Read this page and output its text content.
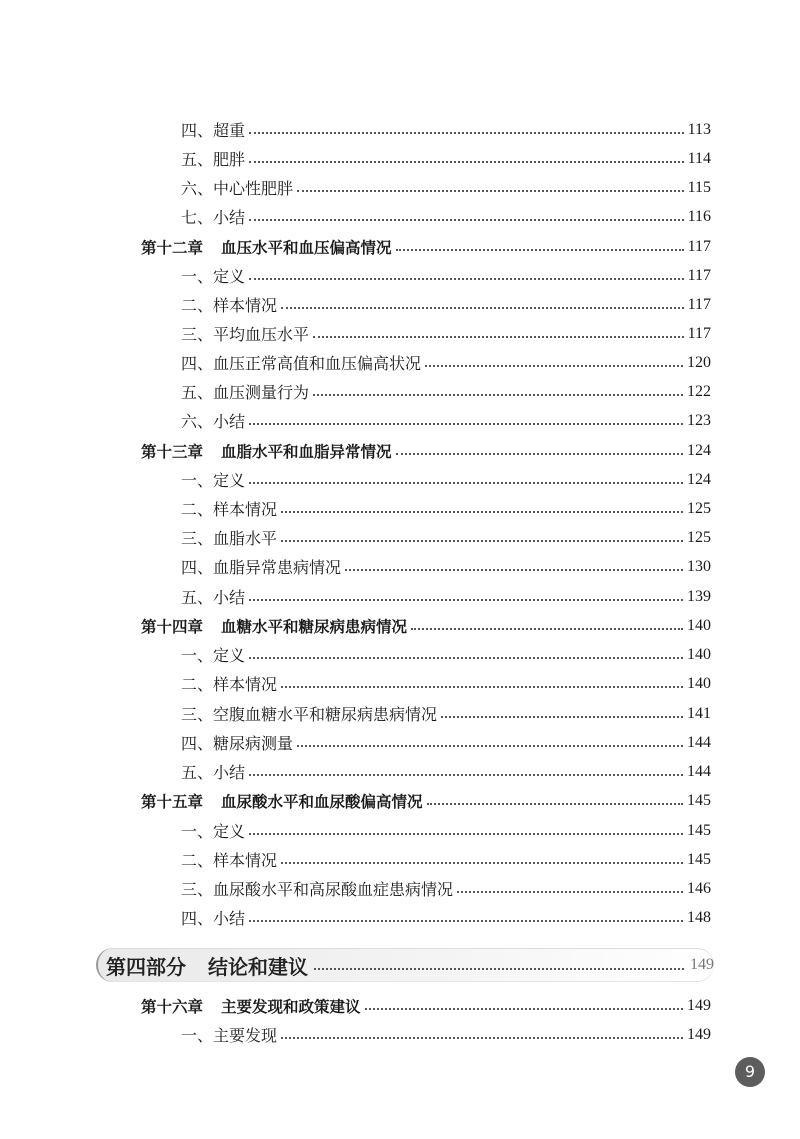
四、超重	113
五、肥胖	114
六、中心性肥胖	115
七、小结	116
第十二章 血压水平和血压偏高情况	117
一、定义	117
二、样本情况	117
三、平均血压水平	117
四、血压正常高值和血压偏高状况	120
五、血压测量行为	122
六、小结	123
第十三章 血脂水平和血脂异常情况	124
一、定义	124
二、样本情况	125
三、血脂水平	125
四、血脂异常患病情况	130
五、小结	139
第十四章 血糖水平和糖尿病患病情况	140
一、定义	140
二、样本情况	140
三、空腹血糖水平和糖尿病患病情况	141
四、糖尿病测量	144
五、小结	144
第十五章 血尿酸水平和血尿酸偏高情况	145
一、定义	145
二、样本情况	145
三、血尿酸水平和高尿酸血症患病情况	146
四、小结	148
第四部分 结论和建议	149
第十六章 主要发现和政策建议	149
一、主要发现	149
9
